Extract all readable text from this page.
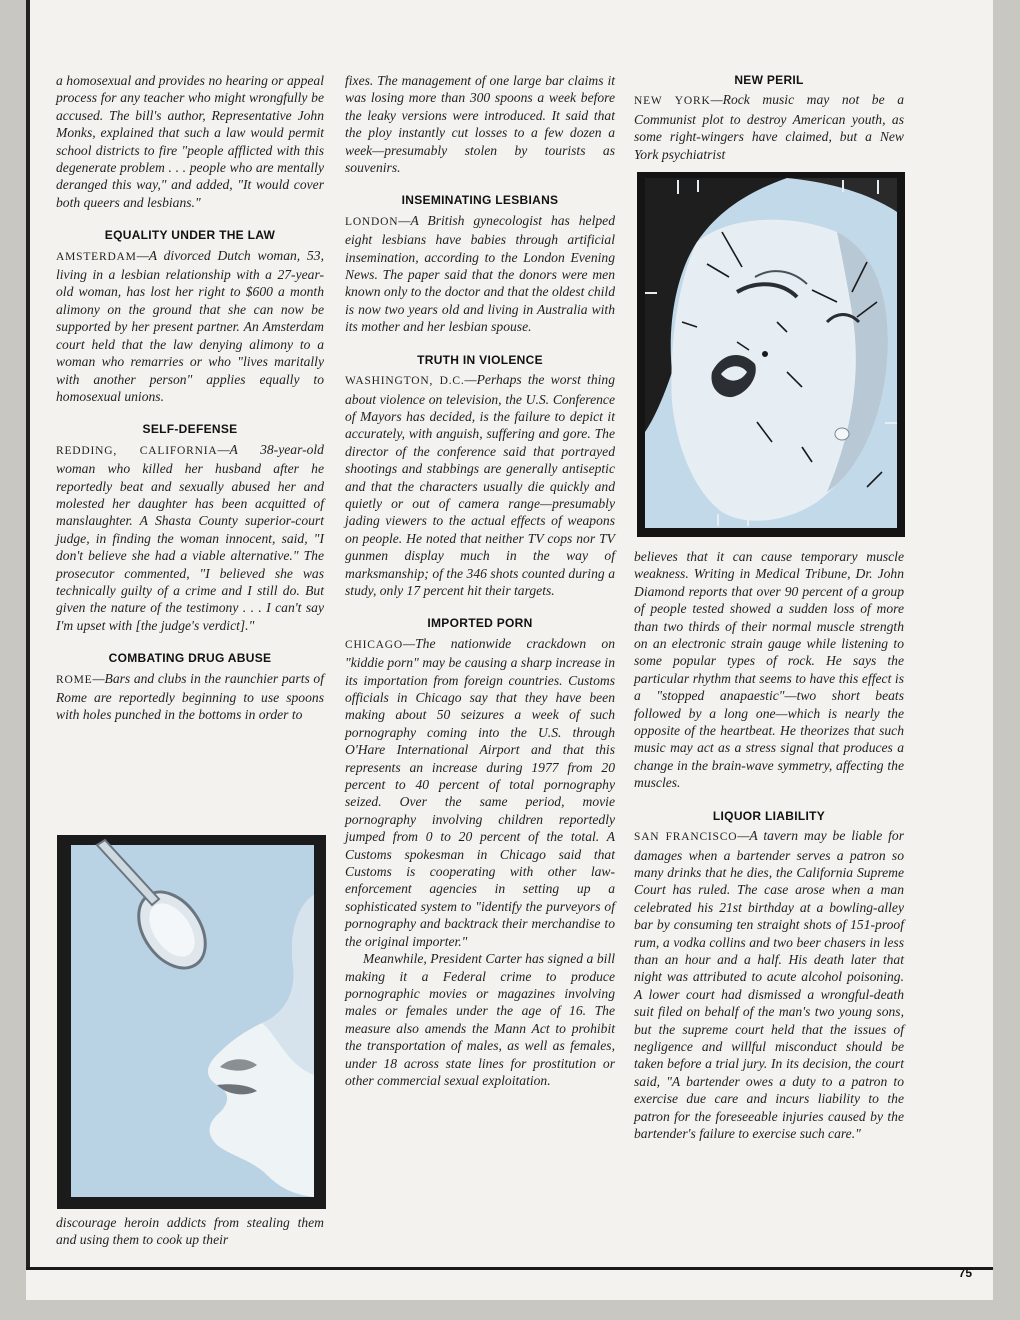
a homosexual and provides no hearing or appeal process for any teacher who might wrongfully be accused. The bill's author, Representative John Monks, explained that such a law would permit school districts to fire "people afflicted with this degenerate problem . . . people who are mentally deranged this way," and added, "It would cover both queers and lesbians."

EQUALITY UNDER THE LAW

AMSTERDAM—A divorced Dutch woman, 53, living in a lesbian relationship with a 27-year-old woman, has lost her right to $600 a month alimony on the ground that she can now be supported by her present partner. An Amsterdam court held that the law denying alimony to a woman who remarries or who "lives maritally with another person" applies equally to homosexual unions.

SELF-DEFENSE

REDDING, CALIFORNIA—A 38-year-old woman who killed her husband after he reportedly beat and sexually abused her and molested her daughter has been acquitted of manslaughter. A Shasta County superior-court judge, in finding the woman innocent, said, "I don't believe she had a viable alternative." The prosecutor commented, "I believed she was technically guilty of a crime and I still do. But given the nature of the testimony . . . I can't say I'm upset with [the judge's verdict]."

COMBATING DRUG ABUSE

ROME—Bars and clubs in the raunchier parts of Rome are reportedly beginning to use spoons with holes punched in the bottoms in order to

discourage heroin addicts from stealing them and using them to cook up their

fixes. The management of one large bar claims it was losing more than 300 spoons a week before the leaky versions were introduced. It said that the ploy instantly cut losses to a few dozen a week—presumably stolen by tourists as souvenirs.

INSEMINATING LESBIANS

LONDON—A British gynecologist has helped eight lesbians have babies through artificial insemination, according to the London Evening News. The paper said that the donors were men known only to the doctor and that the oldest child is now two years old and living in Australia with its mother and her lesbian spouse.

TRUTH IN VIOLENCE

WASHINGTON, D.C.—Perhaps the worst thing about violence on television, the U.S. Conference of Mayors has decided, is the failure to depict it accurately, with anguish, suffering and gore. The director of the conference said that portrayed shootings and stabbings are generally antiseptic and that the characters usually die quickly and quietly or out of camera range—presumably jading viewers to the actual effects of weapons on people. He noted that neither TV cops nor TV gunmen display much in the way of marksmanship; of the 346 shots counted during a study, only 17 percent hit their targets.

IMPORTED PORN

CHICAGO—The nationwide crackdown on "kiddie porn" may be causing a sharp increase in its importation from foreign countries. Customs officials in Chicago say that they have been making about 50 seizures a week of such pornography coming into the U.S. through O'Hare International Airport and that this represents an increase during 1977 from 20 percent to 40 percent of total pornography seized. Over the same period, movie pornography involving children reportedly jumped from 0 to 20 percent of the total. A Customs spokesman in Chicago said that Customs is cooperating with other law-enforcement agencies in setting up a sophisticated system to "identify the purveyors of pornography and backtrack their merchandise to the original importer."

Meanwhile, President Carter has signed a bill making it a Federal crime to produce pornographic movies or magazines involving males or females under the age of 16. The measure also amends the Mann Act to prohibit the transportation of males, as well as females, under 18 across state lines for prostitution or other commercial sexual exploitation.

NEW PERIL

NEW YORK—Rock music may not be a Communist plot to destroy American youth, as some right-wingers have claimed, but a New York psychiatrist

believes that it can cause temporary muscle weakness. Writing in Medical Tribune, Dr. John Diamond reports that over 90 percent of a group of people tested showed a sudden loss of more than two thirds of their normal muscle strength on an electronic strain gauge while listening to some popular types of rock. He says the particular rhythm that seems to have this effect is a "stopped anapaestic"—two short beats followed by a long one—which is nearly the opposite of the heartbeat. He theorizes that such music may act as a stress signal that produces a change in the brain-wave symmetry, affecting the muscles.

LIQUOR LIABILITY

SAN FRANCISCO—A tavern may be liable for damages when a bartender serves a patron so many drinks that he dies, the California Supreme Court has ruled. The case arose when a man celebrated his 21st birthday at a bowling-alley bar by consuming ten straight shots of 151-proof rum, a vodka collins and two beer chasers in less than an hour and a half. His death later that night was attributed to acute alcohol poisoning. A lower court had dismissed a wrongful-death suit filed on behalf of the man's two young sons, but the supreme court held that the issues of negligence and willful misconduct should be taken before a trial jury. In its decision, the court said, "A bartender owes a duty to a patron to exercise due care and incurs liability to the patron for the foreseeable injuries caused by the bartender's failure to exercise such care."

75
